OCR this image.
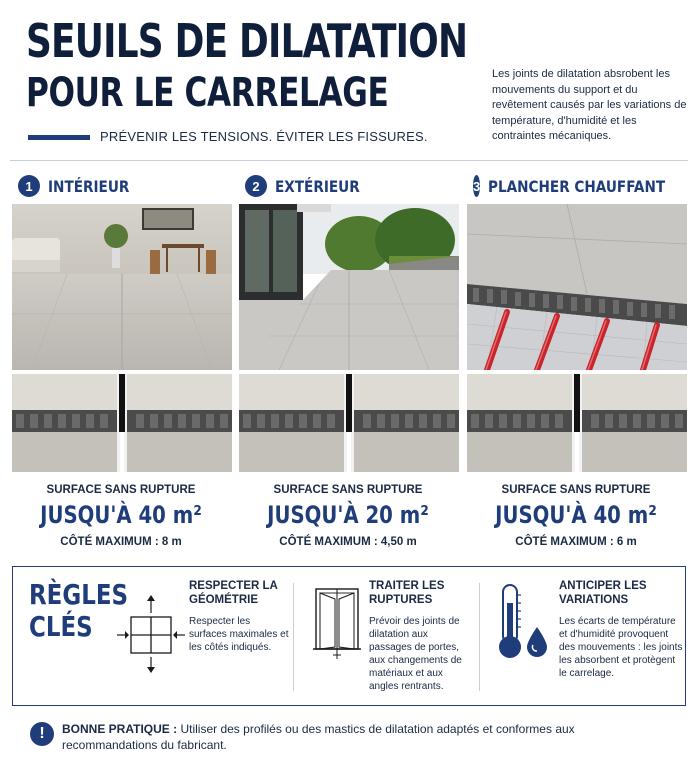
SEUILS DE DILATATION
POUR LE CARRELAGE
PRÉVENIR LES TENSIONS. ÉVITER LES FISSURES.
Les joints de dilatation absrobent les mouvements du support et du revêtement causés par les variations de température, d'humidité et les contraintes mécaniques.
1 INTÉRIEUR
SURFACE SANS RUPTURE
JUSQU'À 40 m²
CÔTÉ MAXIMUM : 8 m
2 EXTÉRIEUR
SURFACE SANS RUPTURE
JUSQU'À 20 m²
CÔTÉ MAXIMUM : 4,50 m
3 PLANCHER CHAUFFANT
SURFACE SANS RUPTURE
JUSQU'À 40 m²
CÔTÉ MAXIMUM : 6 m
RÈGLES
CLÉS
RESPECTER LA GÉOMÉTRIE
Respecter les surfaces maximales et les côtés indiqués.
TRAITER LES RUPTURES
Prévoir des joints de dilatation aux passages de portes, aux changements de matériaux et aux angles rentrants.
ANTICIPER LES VARIATIONS
Les écarts de température et d'humidité provoquent des mouvements : les joints les absorbent et protègent le carrelage.
!	BONNE PRATIQUE : Utiliser des profilés ou des mastics de dilatation adaptés et conformes aux recommandations du fabricant.
